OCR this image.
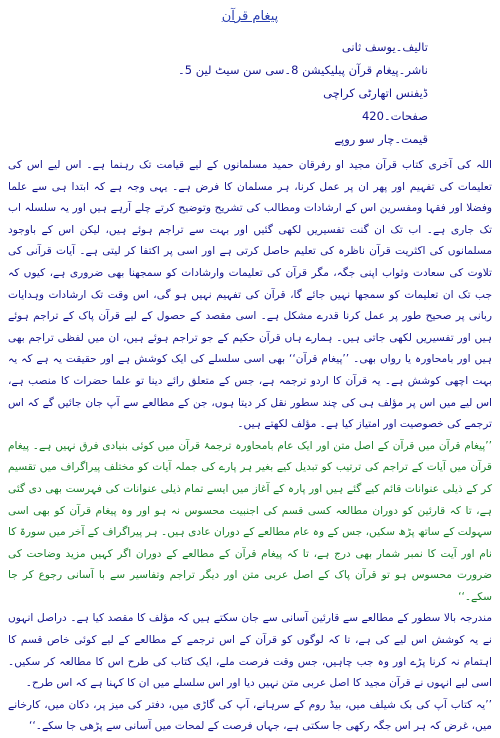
پیغام قرآن
تالیف۔یوسف ثانی
ناشر۔پیغام قرآن پبلیکیشن 8۔سی سن سیٹ لین 5۔
ڈیفنس اتھارٹی کراچی
صفحات۔420
قیمت۔چار سو روپے

اللہ کی آخری کتاب قرآن مجید او رفرقان حمید مسلمانوں کے لیے قیامت تک رہنما ہے۔ اس لیے اس کی تعلیمات کی تفہیم اور پھر ان پر عمل کرنا، ہر مسلمان کا فرض ہے۔ یہی وجہ ہے کہ ابتدا ہی سے علما وفضلا اور فقہا ومفسرین اس کے ارشادات ومطالب کی تشریح وتوضیح کرتے چلے آرہے ہیں اور یہ سلسلہ اب تک جاری ہے۔ اب تک ان گنت تفسیریں لکھی گئیں اور بہت سے تراجم ہوئے ہیں، لیکن اس کے باوجود مسلمانوں کی اکثریت قرآن ناظرہ کی تعلیم حاصل کرتی ہے اور اسی پر اکتفا کر لیتی ہے۔ آیات قرآنی کی تلاوت کی سعادت وثواب اپنی جگہ، مگر قرآن کی تعلیمات وارشادات کو سمجھنا بھی ضروری ہے، کیوں کہ جب تک ان تعلیمات کو سمجھا نہیں جائے گا، قرآن کی تفہیم نہیں ہو گی، اس وقت تک ارشادات وہدایات ربانی پر صحیح طور پر عمل کرنا قدرے مشکل ہے۔ اسی مقصد کے حصول کے لیے قرآن پاک کے تراجم ہوئے ہیں اور تفسیریں لکھی جاتی ہیں۔ ہمارے ہاں قرآن حکیم کے جو تراجم ہوئے ہیں، ان میں لفظی تراجم بھی ہیں اور بامحاورہ یا رواں بھی۔ ’’پیغام قرآن‘‘ بھی اسی سلسلے کی ایک کوشش ہے اور حقیقت یہ ہے کہ یہ بہت اچھی کوشش ہے۔ یہ قرآن کا اردو ترجمہ ہے، جس کے متعلق رائے دینا تو علما حضرات کا منصب ہے، اس لیے میں اس پر مؤلف ہی کی چند سطور نقل کر دیتا ہوں، جن کے مطالعے سے آپ جان جائیں گے کہ اس ترجمے کی خصوصیت اور امتیاز کیا ہے۔ مؤلف لکھتے ہیں۔

’’پیغام قرآن میں قرآن کے اصل متن اور ایک عام بامحاورہ ترجمۂ قرآن میں کوئی بنیادی فرق نہیں ہے۔ پیغام قرآن میں آیات کے تراجم کی ترتیب کو تبدیل کیے بغیر ہر پارے کی جملہ آیات کو مختلف پیراگراف میں تقسیم کر کے ذیلی عنوانات قائم کیے گئے ہیں اور پارہ کے آغاز میں ایسے تمام ذیلی عنوانات کی فہرست بھی دی گئی ہے، تا کہ قارئین کو دوران مطالعہ کسی قسم کی اجنبیت محسوس نہ ہو اور وہ پیغام قرآن کو بھی اسی سہولت کے ساتھ پڑھ سکیں، جس کے وہ عام مطالعے کے دوران عادی ہیں۔ ہر پیراگراف کے آخر میں سورۃ کا نام اور آیت کا نمبر شمار بھی درج ہے، تا کہ پیغام قرآن کے مطالعے کے دوران اگر کہیں مزید وضاحت کی ضرورت محسوس ہو تو قرآن پاک کے اصل عربی متن اور دیگر تراجم وتفاسیر سے با آسانی رجوع کر جا سکے۔‘‘

مندرجہ بالا سطور کے مطالعے سے قارئین آسانی سے جان سکتے ہیں کہ مؤلف کا مقصد کیا ہے۔ دراصل انہوں نے یہ کوشش اس لیے کی ہے، تا کہ لوگوں کو قرآن کے اس ترجمے کے مطالعے کے لیے کوئی خاص قسم کا اہتمام نہ کرنا پڑے اور وہ جب چاہیں، جس وقت فرصت ملے، ایک کتاب کی طرح اس کا مطالعہ کر سکیں۔ اسی لیے انہوں نے قرآن مجید کا اصل عربی متن نہیں دیا اور اس سلسلے میں ان کا کہنا ہے کہ اس طرح۔

’’یہ کتاب آپ کی بک شیلف میں، بیڈ روم کے سرہانے، آپ کی گاڑی میں، دفتر کی میز پر، دکان میں، کارخانے میں، غرض کہ ہر اس جگہ رکھی جا سکتی ہے، جہاں فرصت کے لمحات میں آسانی سے پڑھی جا سکے۔‘‘
